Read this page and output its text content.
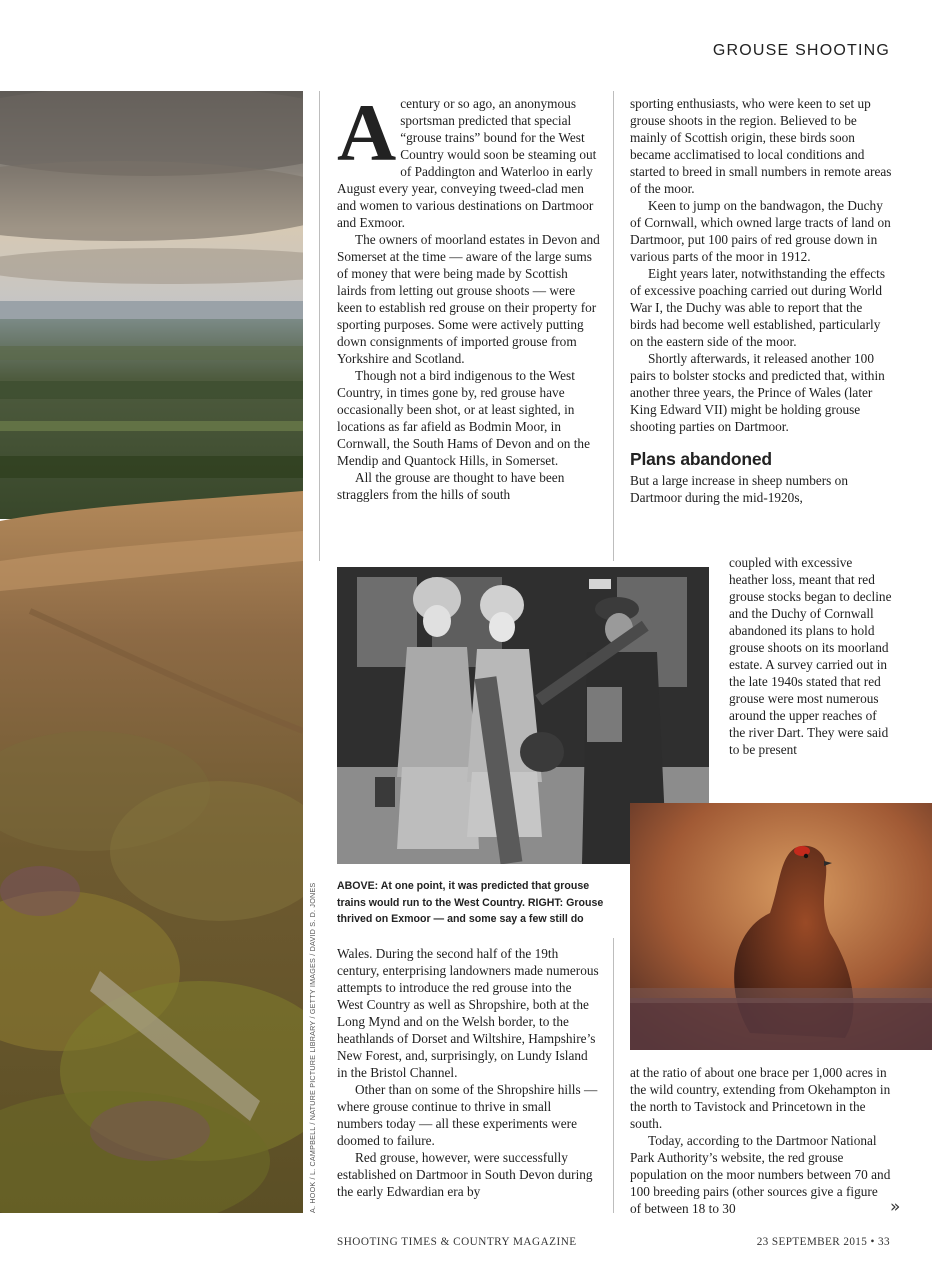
GROUSE SHOOTING
A. HOOK / L. CAMPBELL / NATURE PICTURE LIBRARY / GETTY IMAGES / DAVID S. D. JONES

Acentury or so ago, an anonymous sportsman predicted that special “grouse trains” bound for the West Country would soon be steaming out of Paddington and Waterloo in early August every year, conveying tweed-clad men and women to various destinations on Dartmoor and Exmoor.

The owners of moorland estates in Devon and Somerset at the time — aware of the large sums of money that were being made by Scottish lairds from letting out grouse shoots — were keen to establish red grouse on their property for sporting purposes. Some were actively putting down consignments of imported grouse from Yorkshire and Scotland.

Though not a bird indigenous to the West Country, in times gone by, red grouse have occasionally been shot, or at least sighted, in locations as far afield as Bodmin Moor, in Cornwall, the South Hams of Devon and on the Mendip and Quantock Hills, in Somerset.

All the grouse are thought to have been stragglers from the hills of south

sporting enthusiasts, who were keen to set up grouse shoots in the region. Believed to be mainly of Scottish origin, these birds soon became acclimatised to local conditions and started to breed in small numbers in remote areas of the moor.

Keen to jump on the bandwagon, the Duchy of Cornwall, which owned large tracts of land on Dartmoor, put 100 pairs of red grouse down in various parts of the moor in 1912.

Eight years later, notwithstanding the effects of excessive poaching carried out during World War I, the Duchy was able to report that the birds had become well established, particularly on the eastern side of the moor.

Shortly afterwards, it released another 100 pairs to bolster stocks and predicted that, within another three years, the Prince of Wales (later King Edward VII) might be holding grouse shooting parties on Dartmoor.

Plans abandoned

But a large increase in sheep numbers on Dartmoor during the mid-1920s,

coupled with excessive heather loss, meant that red grouse stocks began to decline and the Duchy of Cornwall abandoned its plans to hold grouse shoots on its moorland estate. A survey carried out in the late 1940s stated that red grouse were most numerous around the upper reaches of the river Dart. They were said to be present

ABOVE: At one point, it was predicted that grouse trains would run to the West Country. RIGHT: Grouse thrived on Exmoor — and some say a few still do

Wales. During the second half of the 19th century, enterprising landowners made numerous attempts to introduce the red grouse into the West Country as well as Shropshire, both at the Long Mynd and on the Welsh border, to the heathlands of Dorset and Wiltshire, Hampshire’s New Forest, and, surprisingly, on Lundy Island in the Bristol Channel.

Other than on some of the Shropshire hills — where grouse continue to thrive in small numbers today — all these experiments were doomed to failure.

Red grouse, however, were successfully established on Dartmoor in South Devon during the early Edwardian era by

at the ratio of about one brace per 1,000 acres in the wild country, extending from Okehampton in the north to Tavistock and Princetown in the south.

Today, according to the Dartmoor National Park Authority’s website, the red grouse population on the moor numbers between 70 and 100 breeding pairs (other sources give a figure of between 18 to 30	»
SHOOTING TIMES & COUNTRY MAGAZINE	23 SEPTEMBER 2015 • 33
